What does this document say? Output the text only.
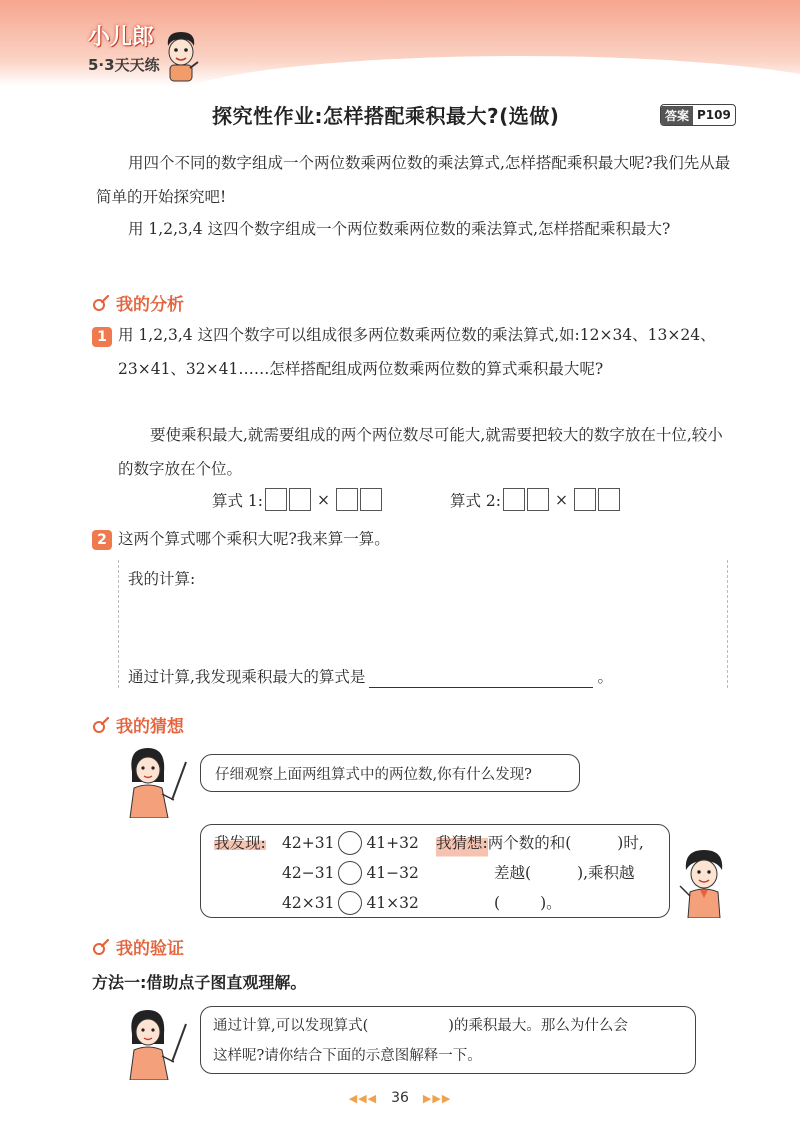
小儿郎
5·3天天练
探究性作业:怎样搭配乘积最大?(选做)	答案 P109
用四个不同的数字组成一个两位数乘两位数的乘法算式,怎样搭配乘积最大呢?我们先从最简单的开始探究吧!
用 1,2,3,4 这四个数字组成一个两位数乘两位数的乘法算式,怎样搭配乘积最大?
我的分析
1 用 1,2,3,4 这四个数字可以组成很多两位数乘两位数的乘法算式,如:12×34、13×24、23×41、32×41……怎样搭配组成两位数乘两位数的算式乘积最大呢?
要使乘积最大,就需要组成的两个两位数尽可能大,就需要把较大的数字放在十位,较小的数字放在个位。
算式 1:	×	算式 2:	×
2 这两个算式哪个乘积大呢?我来算一算。
我的计算:
通过计算,我发现乘积最大的算式是	。
我的猜想
仔细观察上面两组算式中的两位数,你有什么发现?
我发现: 42+31 41+32
42−31 41−32
42×31 41×32
我猜想: 两个数的和(	)时,
差越(	),乘积越
(	)。
我的验证
方法一:借助点子图直观理解。
通过计算,可以发现算式(	)的乘积最大。那么为什么会
这样呢?请你结合下面的示意图解释一下。
◀◀◀ 36 ▶▶▶
